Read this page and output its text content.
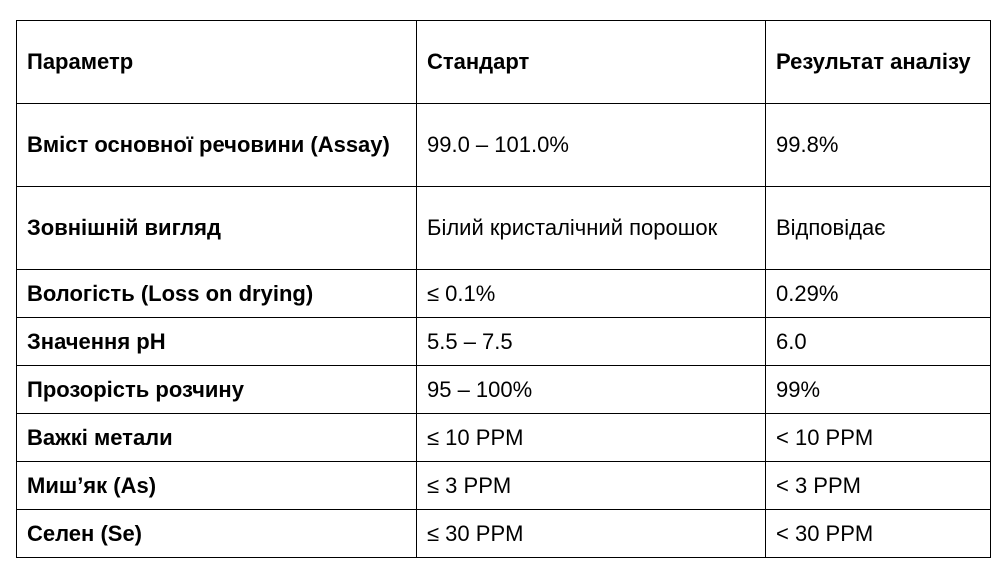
Параметр	Стандарт	Результат аналізу
Вміст основної речовини (Assay)	99.0 – 101.0%	99.8%
Зовнішній вигляд	Білий кристалічний порошок	Відповідає
Вологість (Loss on drying)	≤ 0.1%	0.29%
Значення pH	5.5 – 7.5	6.0
Прозорість розчину	95 – 100%	99%
Важкі метали	≤ 10 PPM	< 10 PPM
Миш’як (As)	≤ 3 PPM	< 3 PPM
Селен (Se)	≤ 30 PPM	< 30 PPM
